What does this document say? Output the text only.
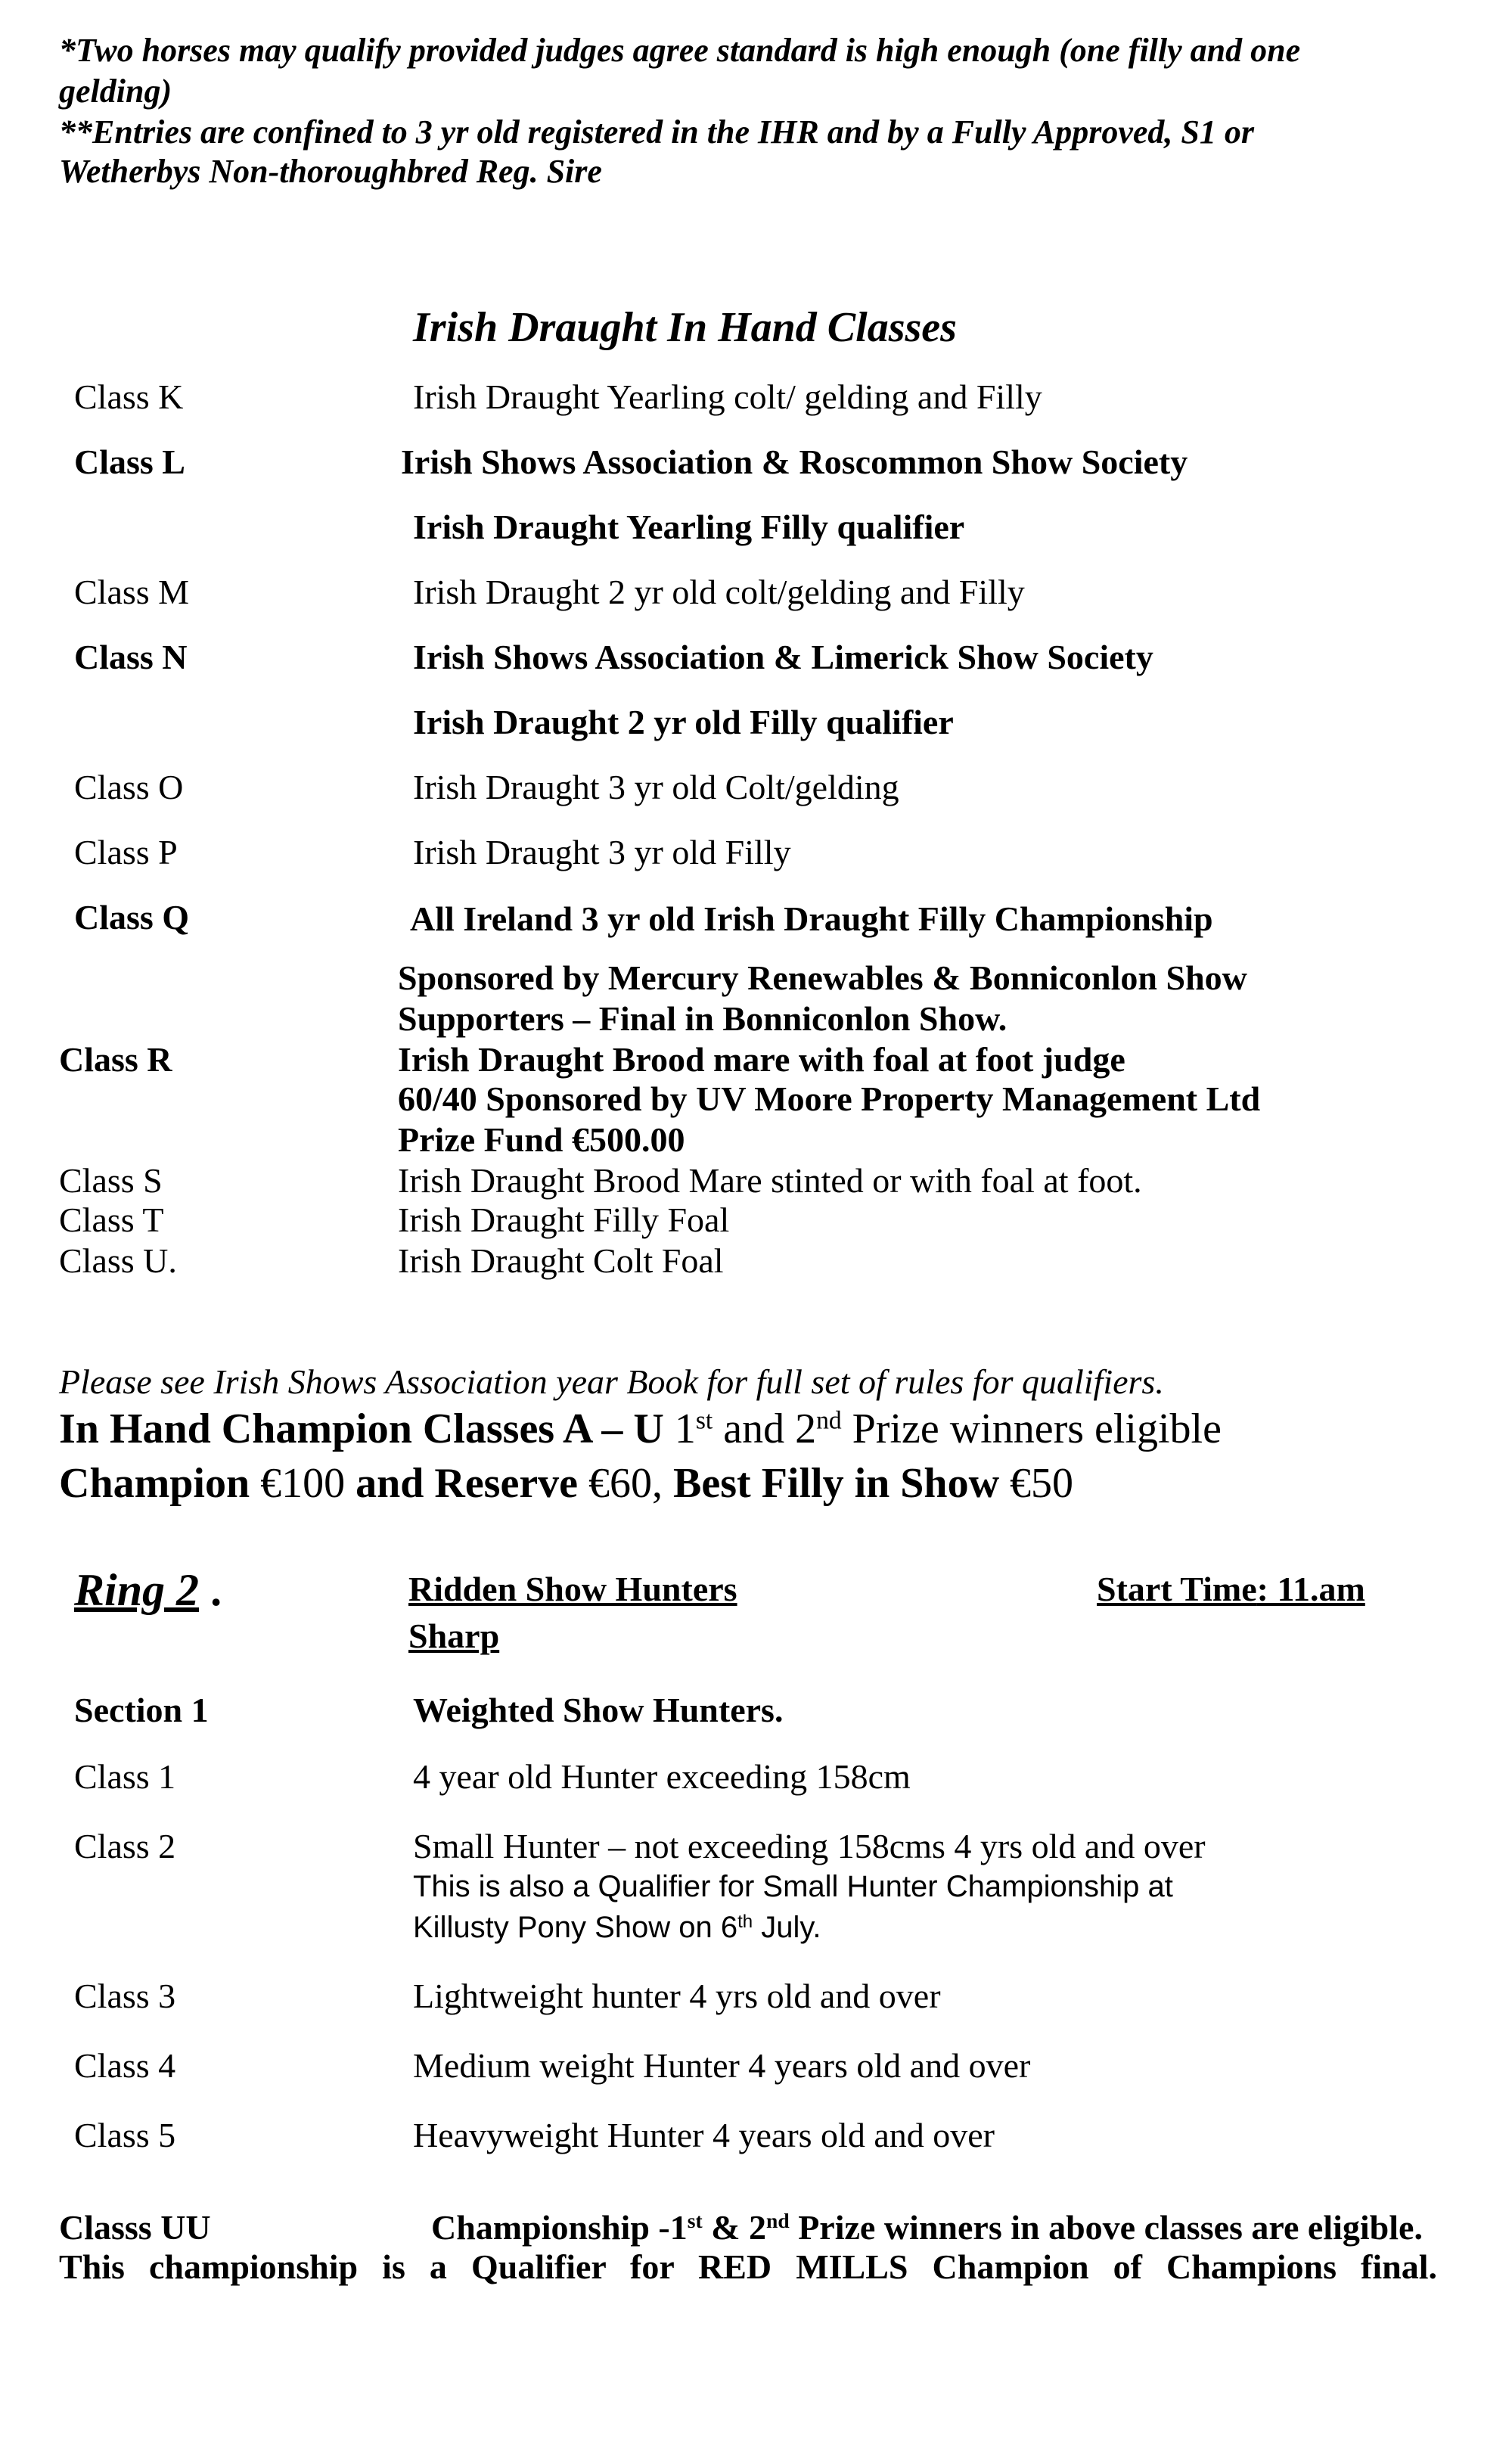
*Two horses may qualify provided judges agree standard is high enough (one filly and one
gelding)
**Entries are confined to 3 yr old registered in the IHR and by a Fully Approved, S1 or
Wetherbys Non-thoroughbred Reg. Sire
Irish Draught In Hand Classes
Class K	Irish Draught Yearling colt/ gelding and Filly
Class L	Irish Shows Association & Roscommon Show Society
Irish Draught Yearling Filly qualifier
Class M	Irish Draught 2 yr old colt/gelding and Filly
Class N	Irish Shows Association & Limerick Show Society
Irish Draught 2 yr old Filly qualifier
Class O	Irish Draught 3 yr old Colt/gelding
Class P	Irish Draught 3 yr old Filly
Class Q	All Ireland 3 yr old Irish Draught Filly Championship
Sponsored by Mercury Renewables & Bonniconlon Show
Supporters – Final in Bonniconlon Show.
Class R	Irish Draught Brood mare with foal at foot judge
60/40 Sponsored by UV Moore Property Management Ltd
Prize Fund €500.00
Class S	Irish Draught Brood Mare stinted or with foal at foot.
Class T	Irish Draught Filly Foal
Class U.	Irish Draught Colt Foal
Please see Irish Shows Association year Book for full set of rules for qualifiers.
In Hand Champion Classes A – U 1st and 2nd Prize winners eligible
Champion €100 and Reserve €60, Best Filly in Show €50
Ring 2 .	Ridden Show Hunters
Sharp
Start Time: 11.am
Section 1	Weighted Show Hunters.
Class 1	4 year old Hunter exceeding 158cm
Class 2	Small Hunter – not exceeding 158cms 4 yrs old and over
This is also a Qualifier for Small Hunter Championship at
Killusty Pony Show on 6th July.
Class 3	Lightweight hunter 4 yrs old and over
Class 4	Medium weight Hunter 4 years old and over
Class 5	Heavyweight Hunter 4 years old and over
Classs UU	Championship -1st & 2nd Prize winners in above classes are eligible.
This championship is a Qualifier for RED MILLS Champion of Champions final.
